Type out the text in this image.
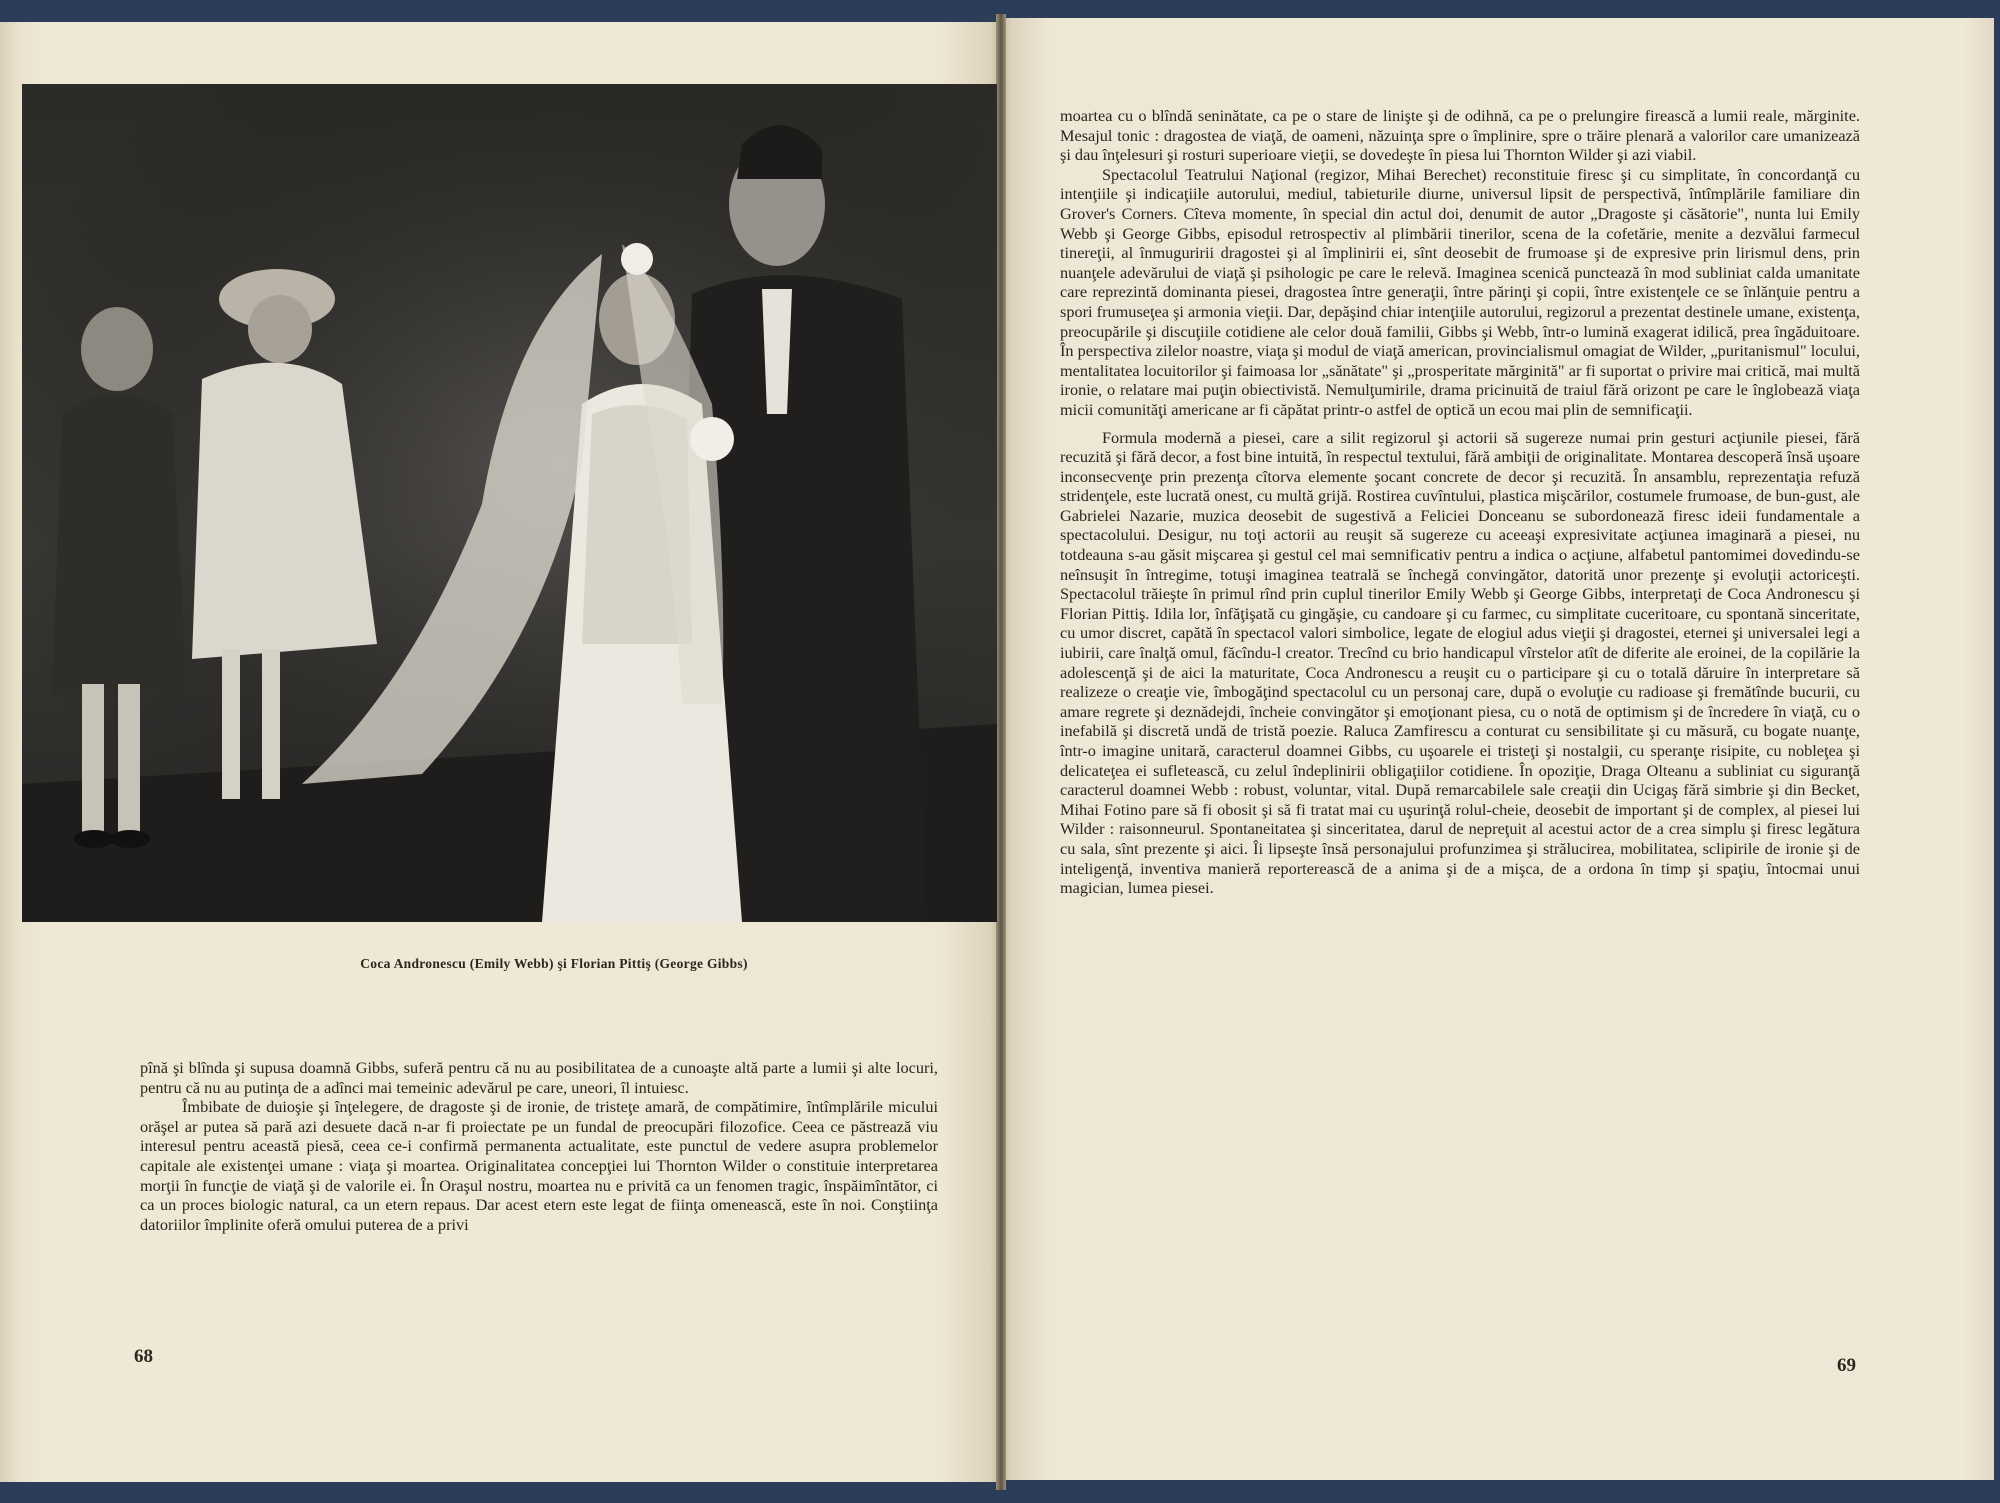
Coca Andronescu (Emily Webb) şi Florian Pittiş (George Gibbs)

pînă şi blînda şi supusa doamnă Gibbs, suferă pentru că nu au posibilitatea de a cunoaşte altă parte a lumii şi alte locuri, pentru că nu au putinţa de a adînci mai temeinic adevărul pe care, uneori, îl intuiesc.

Îmbibate de duioşie şi înţelegere, de dragoste şi de ironie, de tristeţe amară, de compătimire, întîmplările micului orăşel ar putea să pară azi desuete dacă n-ar fi proiectate pe un fundal de preocupări filozofice. Ceea ce păstrează viu interesul pentru această piesă, ceea ce-i confirmă permanenta actualitate, este punctul de vedere asupra problemelor capitale ale existenţei umane : viaţa şi moartea. Originalitatea concepţiei lui Thornton Wilder o constituie interpretarea morţii în funcţie de viaţă şi de valorile ei. În Oraşul nostru, moartea nu e privită ca un fenomen tragic, înspăimîntător, ci ca un proces biologic natural, ca un etern repaus. Dar acest etern este legat de fiinţa omenească, este în noi. Conştiinţa datoriilor împlinite oferă omului puterea de a privi

moartea cu o blîndă seninătate, ca pe o stare de linişte şi de odihnă, ca pe o prelungire firească a lumii reale, mărginite. Mesajul tonic : dragostea de viaţă, de oameni, năzuinţa spre o împlinire, spre o trăire plenară a valorilor care umanizează şi dau înţelesuri şi rosturi superioare vieţii, se dovedeşte în piesa lui Thornton Wilder şi azi viabil.

Spectacolul Teatrului Naţional (regizor, Mihai Berechet) reconstituie firesc şi cu simplitate, în concordanţă cu intenţiile şi indicaţiile autorului, mediul, tabieturile diurne, universul lipsit de perspectivă, întîmplările familiare din Grover's Corners. Cîteva momente, în special din actul doi, denumit de autor „Dragoste şi căsătorie", nunta lui Emily Webb şi George Gibbs, episodul retrospectiv al plimbării tinerilor, scena de la cofetărie, menite a dezvălui farmecul tinereţii, al înmuguririi dragostei şi al împlinirii ei, sînt deosebit de frumoase şi de expresive prin lirismul dens, prin nuanţele adevărului de viaţă şi psihologic pe care le relevă. Imaginea scenică punctează în mod subliniat calda umanitate care reprezintă dominanta piesei, dragostea între generaţii, între părinţi şi copii, între existenţele ce se înlănţuie pentru a spori frumuseţea şi armonia vieţii. Dar, depăşind chiar intenţiile autorului, regizorul a prezentat destinele umane, existenţa, preocupările şi discuţiile cotidiene ale celor două familii, Gibbs şi Webb, într-o lumină exagerat idilică, prea îngăduitoare. În perspectiva zilelor noastre, viaţa şi modul de viaţă american, provincialismul omagiat de Wilder, „puritanismul" locului, mentalitatea locuitorilor şi faimoasa lor „sănătate" şi „prosperitate mărginită" ar fi suportat o privire mai critică, mai multă ironie, o relatare mai puţin obiectivistă. Nemulţumirile, drama pricinuită de traiul fără orizont pe care le înglobează viaţa micii comunităţi americane ar fi căpătat printr-o astfel de optică un ecou mai plin de semnificaţii.

Formula modernă a piesei, care a silit regizorul şi actorii să sugereze numai prin gesturi acţiunile piesei, fără recuzită şi fără decor, a fost bine intuită, în respectul textului, fără ambiţii de originalitate. Montarea descoperă însă uşoare inconsecvenţe prin prezenţa cîtorva elemente şocant concrete de decor şi recuzită. În ansamblu, reprezentaţia refuză stridenţele, este lucrată onest, cu multă grijă. Rostirea cuvîntului, plastica mişcărilor, costumele frumoase, de bun-gust, ale Gabrielei Nazarie, muzica deosebit de sugestivă a Feliciei Donceanu se subordonează firesc ideii fundamentale a spectacolului. Desigur, nu toţi actorii au reuşit să sugereze cu aceeaşi expresivitate acţiunea imaginară a piesei, nu totdeauna s-au găsit mişcarea şi gestul cel mai semnificativ pentru a indica o acţiune, alfabetul pantomimei dovedindu-se neînsuşit în întregime, totuşi imaginea teatrală se închegă convingător, datorită unor prezenţe şi evoluţii actoriceşti. Spectacolul trăieşte în primul rînd prin cuplul tinerilor Emily Webb şi George Gibbs, interpretaţi de Coca Andronescu şi Florian Pittiş. Idila lor, înfăţişată cu gingăşie, cu candoare şi cu farmec, cu simplitate cuceritoare, cu spontană sinceritate, cu umor discret, capătă în spectacol valori simbolice, legate de elogiul adus vieţii şi dragostei, eternei şi universalei legi a iubirii, care înalţă omul, făcîndu-l creator. Trecînd cu brio handicapul vîrstelor atît de diferite ale eroinei, de la copilărie la adolescenţă şi de aici la maturitate, Coca Andronescu a reuşit cu o participare şi cu o totală dăruire în interpretare să realizeze o creaţie vie, îmbogăţind spectacolul cu un personaj care, după o evoluţie cu radioase şi fremătînde bucurii, cu amare regrete şi deznădejdi, încheie convingător şi emoţionant piesa, cu o notă de optimism şi de încredere în viaţă, cu o inefabilă şi discretă undă de tristă poezie. Raluca Zamfirescu a conturat cu sensibilitate şi cu măsură, cu bogate nuanţe, într-o imagine unitară, caracterul doamnei Gibbs, cu uşoarele ei tristeţi şi nostalgii, cu speranţe risipite, cu nobleţea şi delicateţea ei sufletească, cu zelul îndeplinirii obligaţiilor cotidiene. În opoziţie, Draga Olteanu a subliniat cu siguranţă caracterul doamnei Webb : robust, voluntar, vital. După remarcabilele sale creaţii din Ucigaş fără simbrie şi din Becket, Mihai Fotino pare să fi obosit şi să fi tratat mai cu uşurinţă rolul-cheie, deosebit de important şi de complex, al piesei lui Wilder : raisonneurul. Spontaneitatea şi sinceritatea, darul de nepreţuit al acestui actor de a crea simplu şi firesc legătura cu sala, sînt prezente şi aici. Îi lipseşte însă personajului profunzimea şi strălucirea, mobilitatea, sclipirile de ironie şi de inteligenţă, inventiva manieră reporterească de a anima şi de a mişca, de a ordona în timp şi spaţiu, întocmai unui magician, lumea piesei.

68	69
